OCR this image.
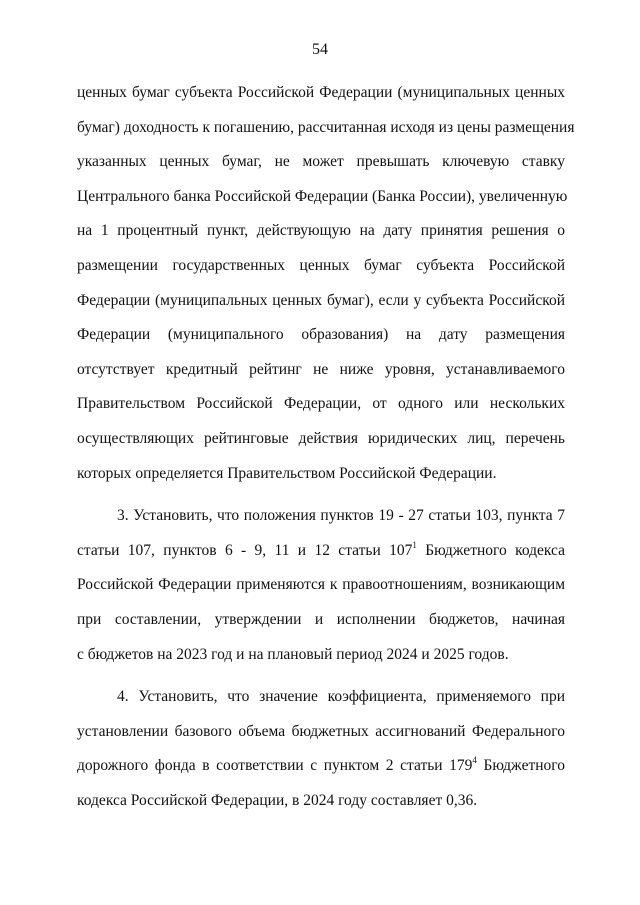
54

ценных бумаг субъекта Российской Федерации (муниципальных ценных
бумаг) доходность к погашению, рассчитанная исходя из цены размещения
указанных ценных бумаг, не может превышать ключевую ставку
Центрального банка Российской Федерации (Банка России), увеличенную
на 1 процентный пункт, действующую на дату принятия решения о
размещении государственных ценных бумаг субъекта Российской
Федерации (муниципальных ценных бумаг), если у субъекта Российской
Федерации (муниципального образования) на дату размещения
отсутствует кредитный рейтинг не ниже уровня, устанавливаемого
Правительством Российской Федерации, от одного или нескольких
осуществляющих рейтинговые действия юридических лиц, перечень
которых определяется Правительством Российской Федерации.

3. Установить, что положения пунктов 19 - 27 статьи 103, пункта 7
статьи 107, пунктов 6 - 9, 11 и 12 статьи $107^1$ Бюджетного кодекса
Российской Федерации применяются к правоотношениям, возникающим
при составлении, утверждении и исполнении бюджетов, начиная
с бюджетов на 2023 год и на плановый период 2024 и 2025 годов.

4. Установить, что значение коэффициента, применяемого при
установлении базового объема бюджетных ассигнований Федерального
дорожного фонда в соответствии с пунктом 2 статьи $179^4$ Бюджетного
кодекса Российской Федерации, в 2024 году составляет 0,36.
